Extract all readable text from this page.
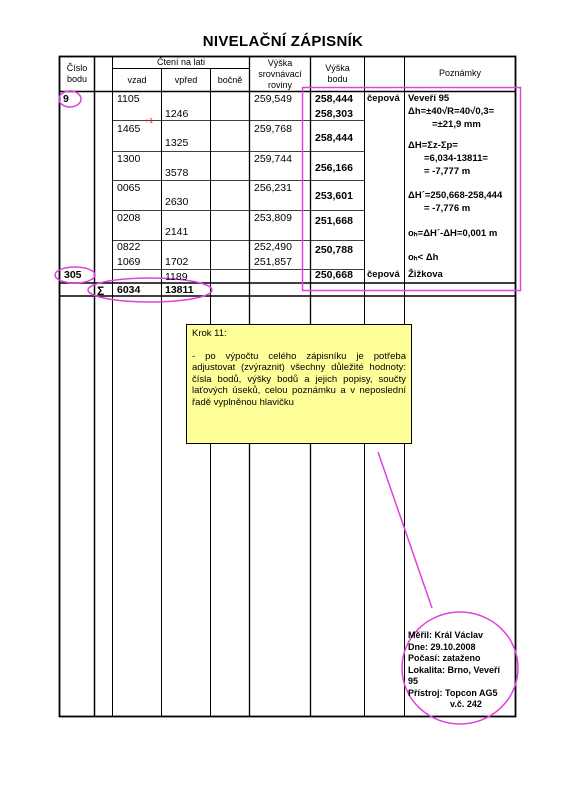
NIVELAČNÍ ZÁPISNÍK
Číslo
bodu
Čtení na lati
vzad	vpřed	bočně
Výška
srovnávací
roviny
Výška
bodu
Poznámky
9
305
Σ
1105
1465
+1
1300
0065
0208
0822
1069
1246
1325
3578
2630
2141
1702
1189
259,549
259,768
259,744
256,231
253,809
252,490
251,857
258,444
258,303
258,444
256,166
253,601
251,668
250,788
250,668
čepová
čepová
6034 13811
Veveří 95
Δh=±40√R=40√0,3=
=±21,9 mm
ΔH=Σz-Σp=
=6,034-13811=
= -7,777 m
ΔH´=250,668-258,444
= -7,776 m
oₕ=ΔH´-ΔH=0,001 m
oₕ< Δh
Žižkova

Krok 11:

- po výpočtu celého zápisníku je potřeba adjustovat (zvýraznit) všechny důležité hodnoty: čísla bodů, výšky bodů a jejich popisy, součty laťových úseků, celou poznámku a v neposlední řadě vyplněnou hlavičku

Měřil: Král Václav
Dne: 29.10.2008
Počasí: zataženo
Lokalita: Brno, Veveří
95
Přístroj: Topcon AG5
v.č. 242
